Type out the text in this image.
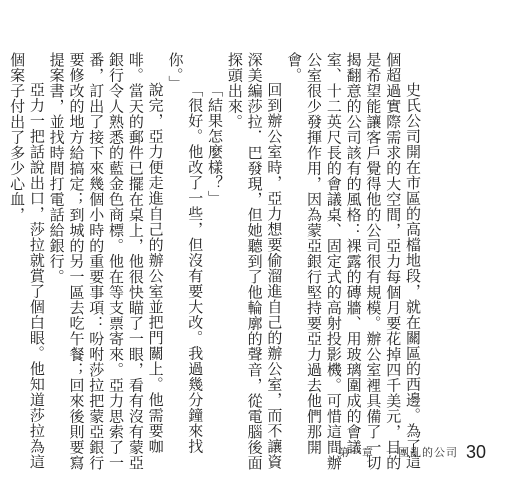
史氏公司開在市區的高檔地段，就在關區的西邊。為了這個超過實際需求的大空間，亞力每個月要花掉四千美元，目的是希望能讓客戶覺得他的公司很有規模。辦公室裡具備了一切揭翻意的公司該有的風格：裸露的磚牆、用玻璃圍成的會議室、十二英尺長的會議桌、固定式的高射投影機。可惜這間辦公室很少發揮作用，因為蒙亞銀行堅持要亞力過去他們那開會。

回到辦公室時，亞力想要偷溜進自己的辦公室，而不讓資深美編莎拉．巴發現，但她聽到了他輪廓的聲音，從電腦後面探頭出來。

「結果怎麼樣？」

「很好。他改了一些，但沒有要大改。我過幾分鐘來找你。」

說完，亞力便走進自己的辦公室並把門關上。他需要咖啡。當天的郵件已擺在桌上，他很快瞄了一眼，看有沒有蒙亞銀行令人熟悉的藍金色商標。他在等支票寄來。亞力思索了一番，訂出了接下來幾個小時的重要事項：吩咐莎拉把蒙亞銀行要修改的地方給搞定；到城的另一區去吃午餐；回來後則要寫提案書，並找時間打電話給銀行。

亞力一把話說出口，莎拉就賞了個白眼。他知道莎拉為這個案子付出了多少心血，

第一章　一團亂的公司 30
